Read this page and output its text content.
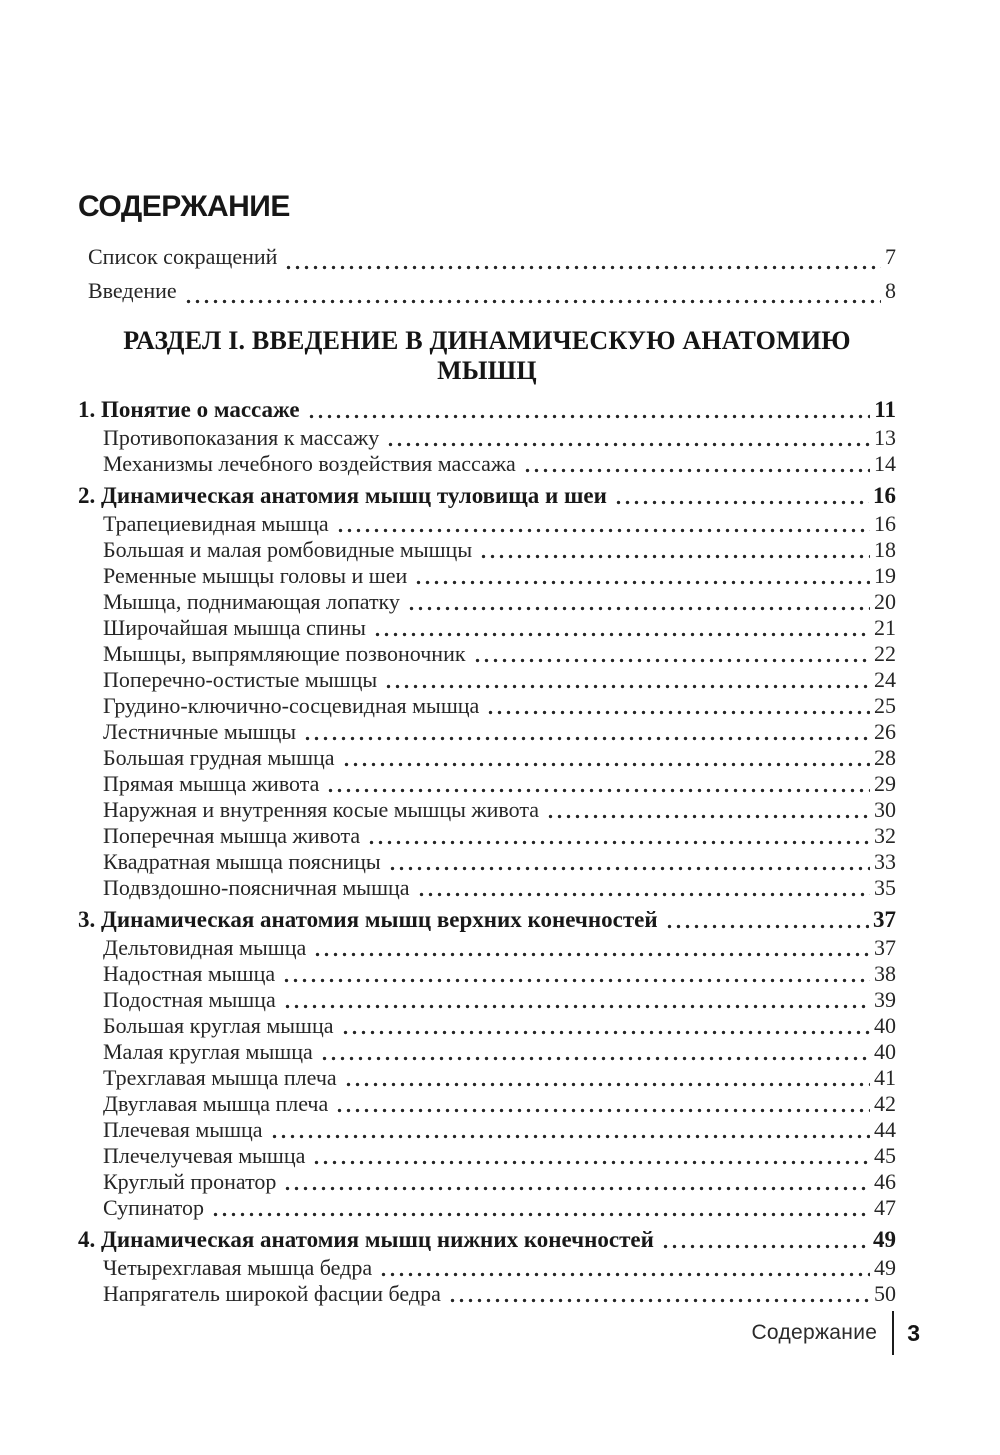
СОДЕРЖАНИЕ
Список сокращений	7
Введение	8
РАЗДЕЛ I. ВВЕДЕНИЕ В ДИНАМИЧЕСКУЮ АНАТОМИЮ МЫШЦ
1. Понятие о массаже	11
Противопоказания к массажу	13
Механизмы лечебного воздействия массажа	14
2. Динамическая анатомия мышц туловища и шеи	16
Трапециевидная мышца	16
Большая и малая ромбовидные мышцы	18
Ременные мышцы головы и шеи	19
Мышца, поднимающая лопатку	20
Широчайшая мышца спины	21
Мышцы, выпрямляющие позвоночник	22
Поперечно-остистые мышцы	24
Грудино-ключично-сосцевидная мышца	25
Лестничные мышцы	26
Большая грудная мышца	28
Прямая мышца живота	29
Наружная и внутренняя косые мышцы живота	30
Поперечная мышца живота	32
Квадратная мышца поясницы	33
Подвздошно-поясничная мышца	35
3. Динамическая анатомия мышц верхних конечностей	37
Дельтовидная мышца	37
Надостная мышца	38
Подостная мышца	39
Большая круглая мышца	40
Малая круглая мышца	40
Трехглавая мышца плеча	41
Двуглавая мышца плеча	42
Плечевая мышца	44
Плечелучевая мышца	45
Круглый пронатор	46
Супинатор	47
4. Динамическая анатомия мышц нижних конечностей	49
Четырехглавая мышца бедра	49
Напрягатель широкой фасции бедра	50
Содержание 3
